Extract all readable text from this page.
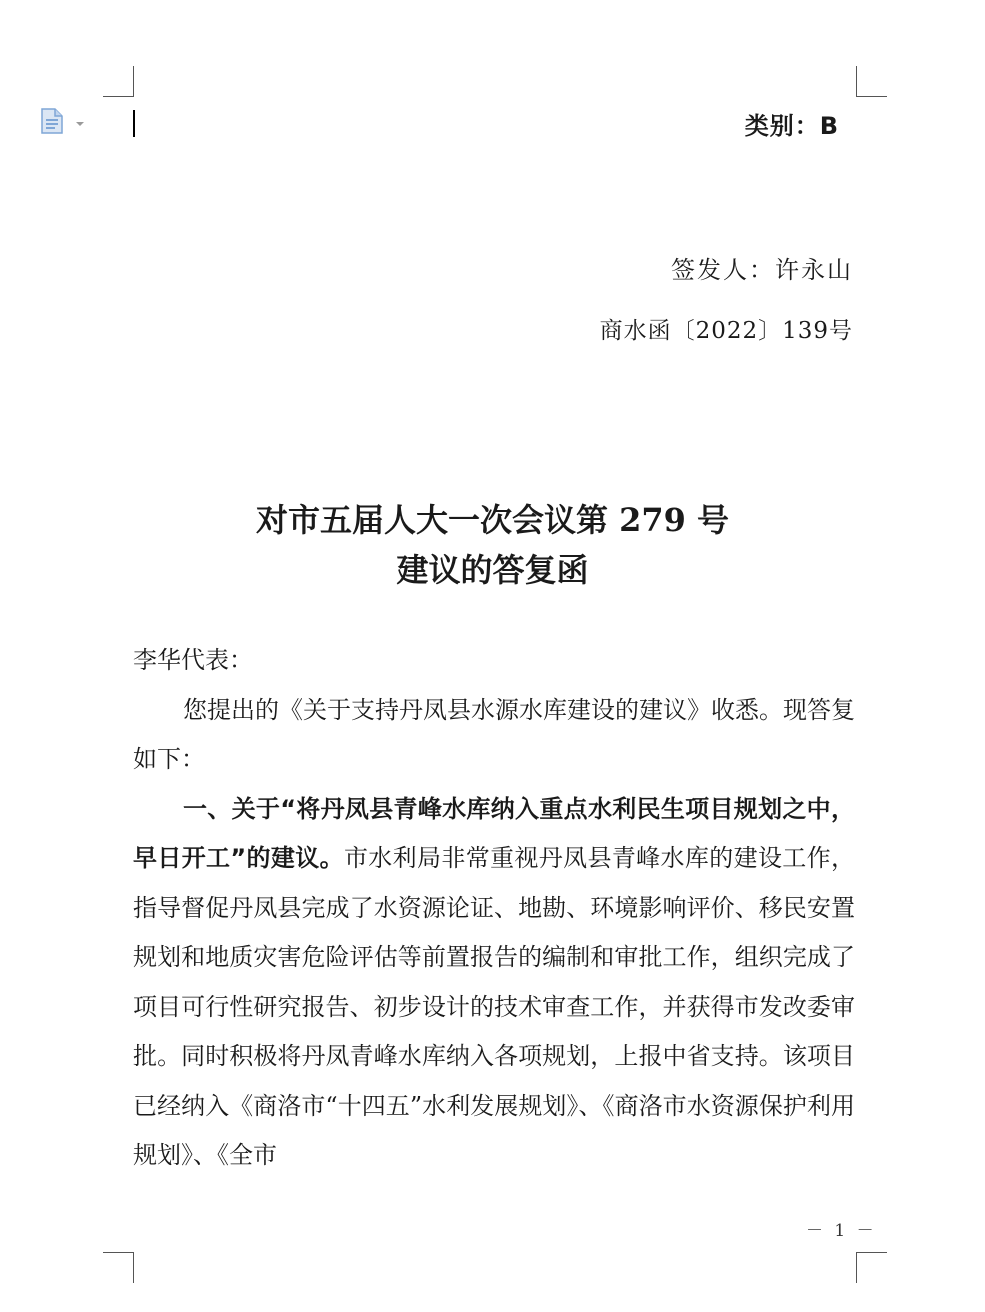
类别：B
签发人：许永山
商水函〔2022〕139号
对市五届人大一次会议第 279 号
建议的答复函

李华代表：

您提出的《关于支持丹凤县水源水库建设的建议》收悉。现答复如下：

一、关于“将丹凤县青峰水库纳入重点水利民生项目规划之中，早日开工”的建议。市水利局非常重视丹凤县青峰水库的建设工作，指导督促丹凤县完成了水资源论证、地勘、环境影响评价、移民安置规划和地质灾害危险评估等前置报告的编制和审批工作，组织完成了项目可行性研究报告、初步设计的技术审查工作，并获得市发改委审批。同时积极将丹凤青峰水库纳入各项规划，上报中省支持。该项目已经纳入《商洛市“十四五”水利发展规划》、《商洛市水资源保护利用规划》、《全市

－ 1 －
